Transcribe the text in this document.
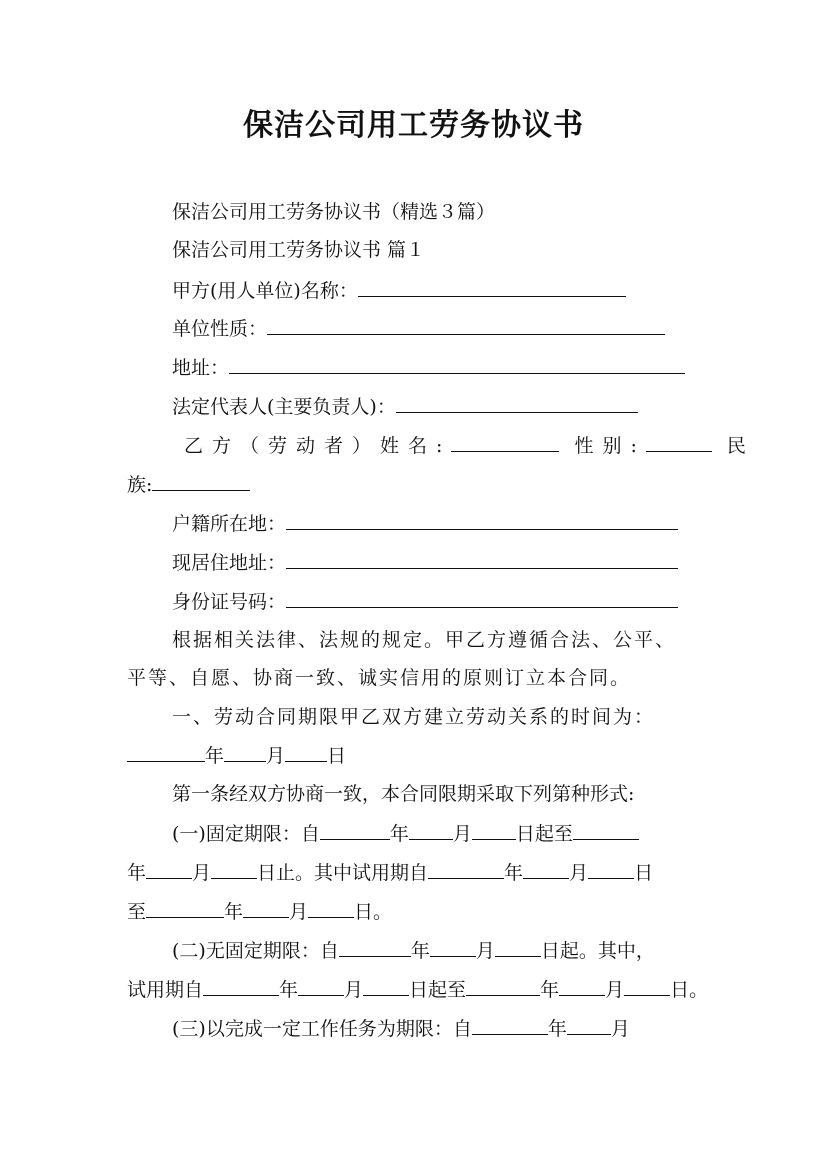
保洁公司用工劳务协议书
保洁公司用工劳务协议书（精选３篇）
保洁公司用工劳务协议书 篇１
甲方(用人单位)名称：
单位性质：
地址：
法定代表人(主要负责人)：
乙方（劳动者）姓名:	性别:	民
族:
户籍所在地：
现居住地址：
身份证号码：
根据相关法律、法规的规定。甲乙方遵循合法、公平、
平等、自愿、协商一致、诚实信用的原则订立本合同。
一、劳动合同期限甲乙双方建立劳动关系的时间为：
年 月 日
第一条经双方协商一致，本合同限期采取下列第种形式:
(一)固定期限：自	年 月 日起至
年 月 日止。其中试用期自	年 月 日
至	年 月 日。
(二)无固定期限：自	年 月 日起。其中，
试用期自	年 月 日起至	年 月 日。
(三)以完成一定工作任务为期限：自	年 月
